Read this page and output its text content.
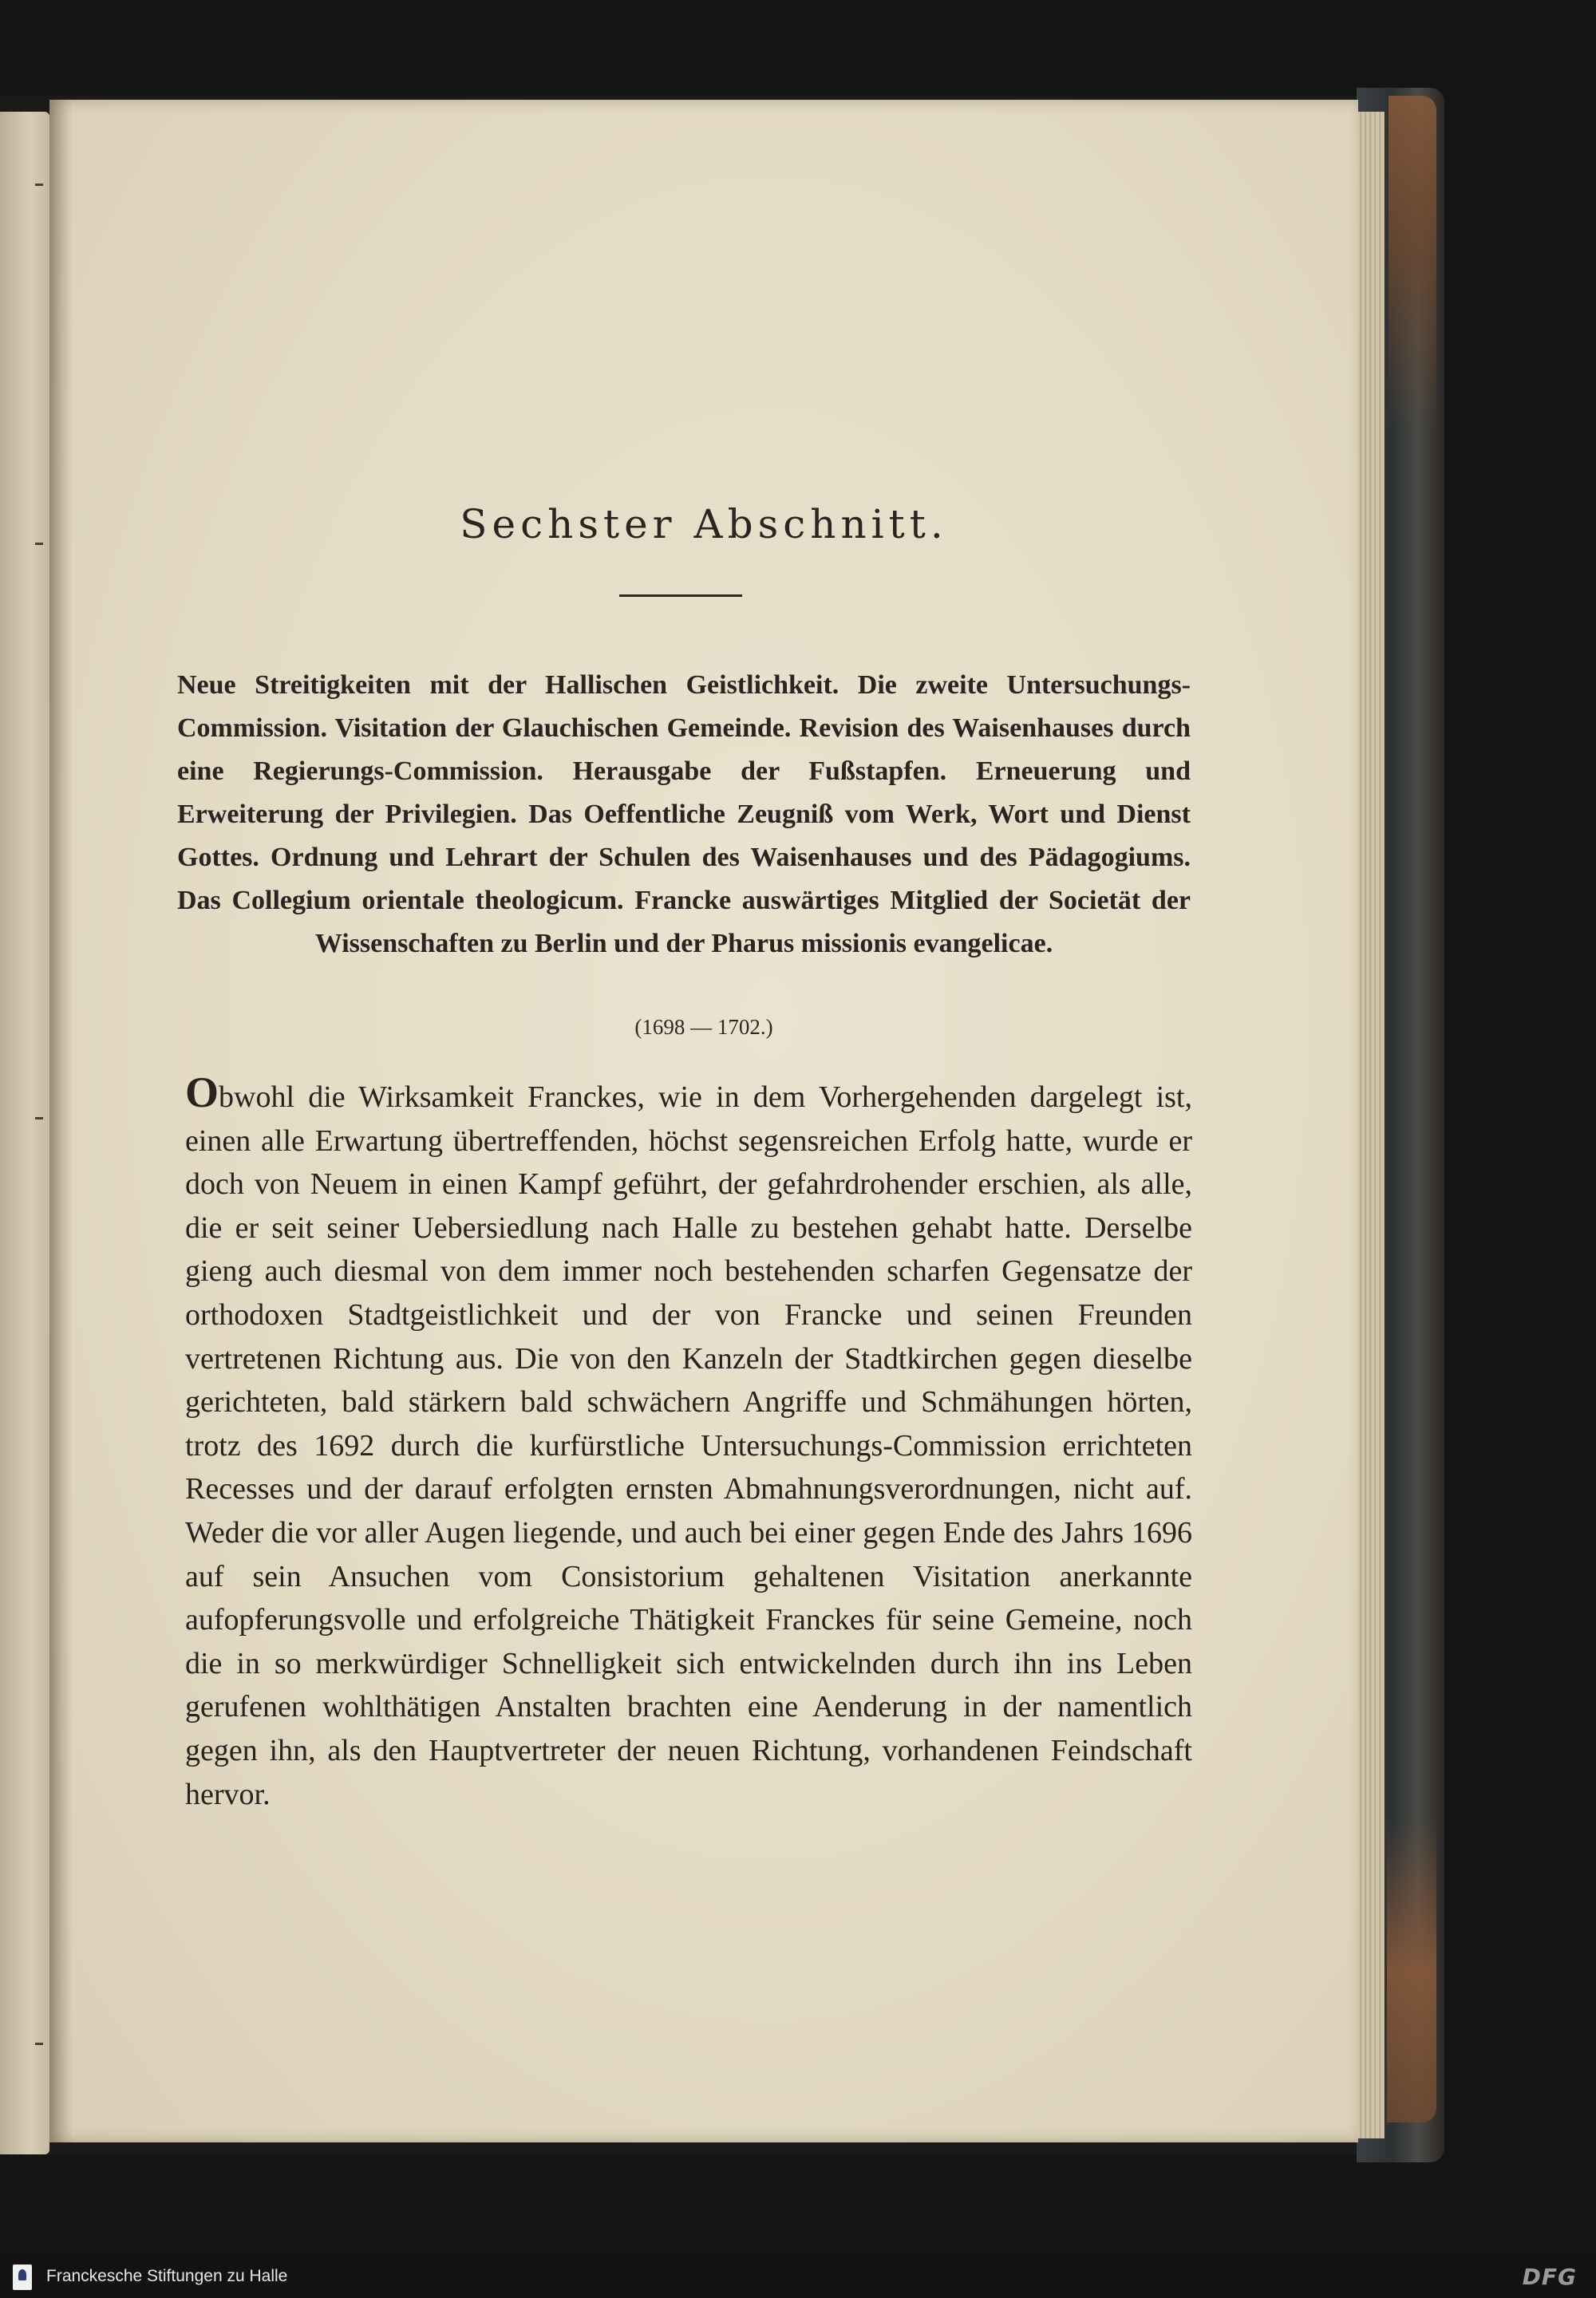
Sechster Abschnitt.
Neue Streitigkeiten mit der Hallischen Geistlichkeit. Die zweite Untersuchungs-Commission. Visitation der Glauchischen Gemeinde. Revision des Waisenhauses durch eine Regierungs-Commission. Herausgabe der Fußstapfen. Erneuerung und Erweiterung der Privilegien. Das Oeffentliche Zeugniß vom Werk, Wort und Dienst Gottes. Ordnung und Lehrart der Schulen des Waisenhauses und des Pädagogiums. Das Collegium orientale theologicum. Francke auswärtiges Mitglied der Societät der Wissenschaften zu Berlin und der Pharus missionis evangelicae.
(1698 — 1702.)

Obwohl die Wirksamkeit Franckes, wie in dem Vorhergehenden dargelegt ist, einen alle Erwartung übertreffenden, höchst segensreichen Erfolg hatte, wurde er doch von Neuem in einen Kampf geführt, der gefahrdrohender erschien, als alle, die er seit seiner Uebersiedlung nach Halle zu bestehen gehabt hatte. Derselbe gieng auch diesmal von dem immer noch bestehenden scharfen Gegensatze der orthodoxen Stadtgeistlichkeit und der von Francke und seinen Freunden vertretenen Richtung aus. Die von den Kanzeln der Stadtkirchen gegen dieselbe gerichteten, bald stärkern bald schwächern Angriffe und Schmähungen hörten, trotz des 1692 durch die kurfürstliche Untersuchungs-Commission errichteten Recesses und der darauf erfolgten ernsten Abmahnungsverordnungen, nicht auf. Weder die vor aller Augen liegende, und auch bei einer gegen Ende des Jahrs 1696 auf sein Ansuchen vom Consistorium gehaltenen Visitation anerkannte aufopferungsvolle und erfolgreiche Thätigkeit Franckes für seine Gemeine, noch die in so merkwürdiger Schnelligkeit sich entwickelnden durch ihn ins Leben gerufenen wohlthätigen Anstalten brachten eine Aenderung in der namentlich gegen ihn, als den Hauptvertreter der neuen Richtung, vorhandenen Feindschaft hervor.

Franckesche Stiftungen zu Halle	DFG
